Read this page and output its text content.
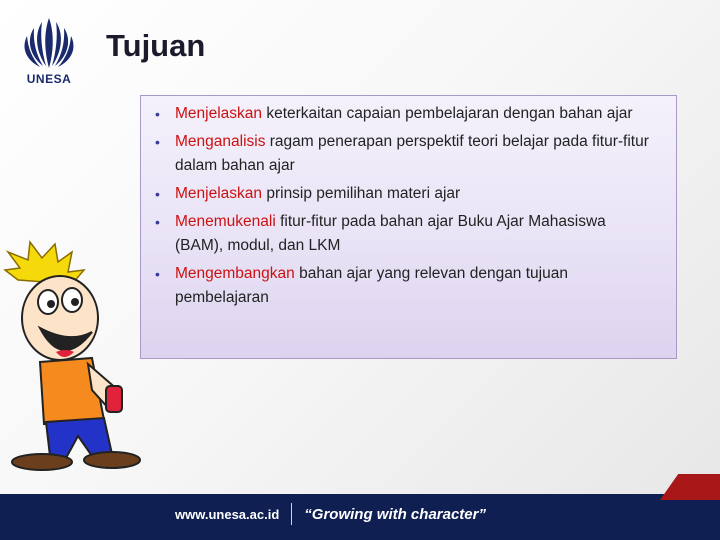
UNESA
Tujuan
• Menjelaskan keterkaitan capaian pembelajaran dengan bahan ajar
• Menganalisis ragam penerapan perspektif teori belajar pada fitur-fitur dalam bahan ajar
• Menjelaskan prinsip pemilihan materi ajar
• Menemukenali fitur-fitur pada bahan ajar Buku Ajar Mahasiswa (BAM), modul, dan LKM
• Mengembangkan bahan ajar yang relevan dengan tujuan pembelajaran
www.unesa.ac.id “Growing with character”
